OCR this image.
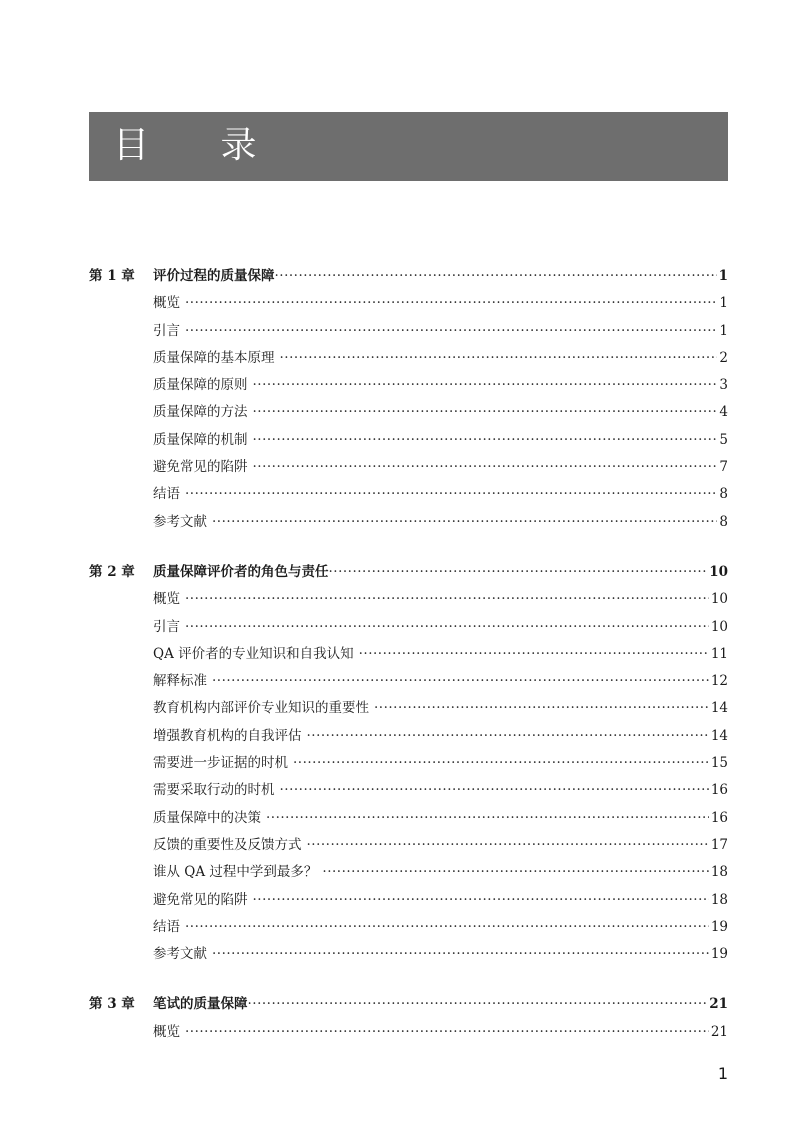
目 录
第 1 章	评价过程的质量保障 ·····	1
概览 ·····	1
引言 ·····	1
质量保障的基本原理 ·····	2
质量保障的原则 ·····	3
质量保障的方法 ·····	4
质量保障的机制 ·····	5
避免常见的陷阱 ·····	7
结语 ·····	8
参考文献 ·····	8
第 2 章	质量保障评价者的角色与责任 ·····	10
概览 ·····	10
引言 ·····	10
QA 评价者的专业知识和自我认知 ·····	11
解释标准 ·····	12
教育机构内部评价专业知识的重要性 ·····	14
增强教育机构的自我评估 ·····	14
需要进一步证据的时机 ·····	15
需要采取行动的时机 ·····	16
质量保障中的决策 ·····	16
反馈的重要性及反馈方式 ·····	17
谁从 QA 过程中学到最多？ ·····	18
避免常见的陷阱 ·····	18
结语 ·····	19
参考文献 ·····	19
第 3 章	笔试的质量保障 ·····	21
概览 ·····	21
1
